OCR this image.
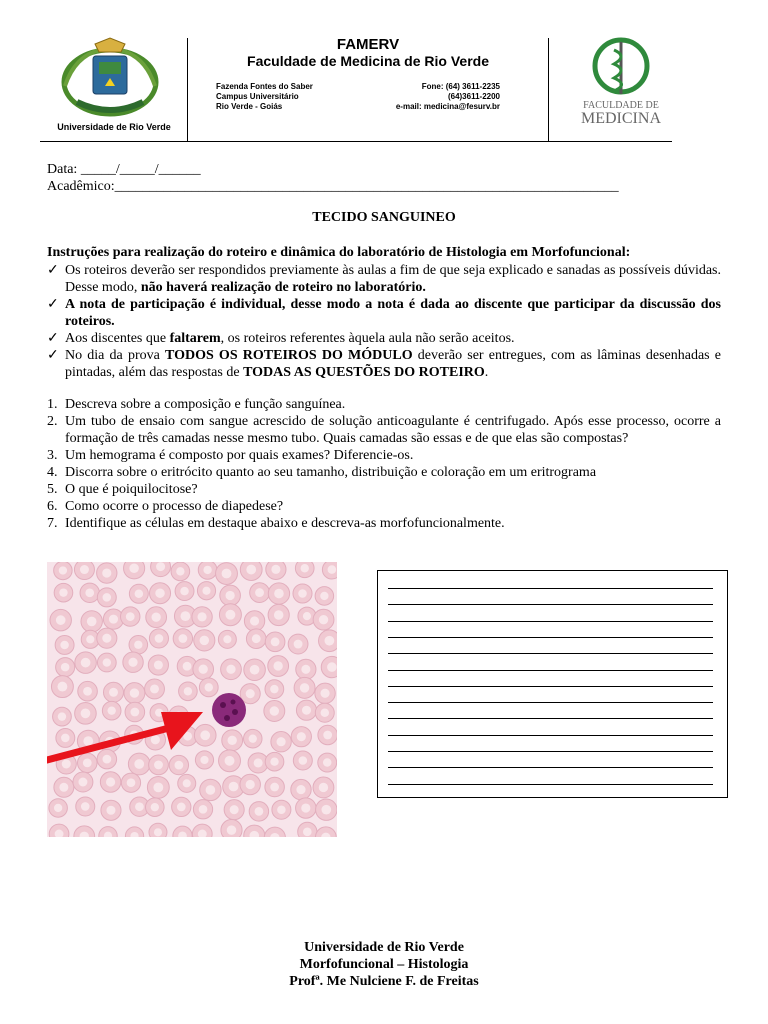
Universidade de Rio Verde
FAMERV
Faculdade de Medicina de Rio Verde
Fazenda Fontes do Saber
Campus Universitário
Rio Verde - Goiás
Fone: (64) 3611-2235
(64)3611-2200
e-mail: medicina@fesurv.br	FACULDADE DE
MEDICINA
Data: _____/_____/______
Acadêmico:________________________________________________________________________
TECIDO SANGUINEO
Instruções para realização do roteiro e dinâmica do laboratório de Histologia em Morfofuncional:
✓ Os roteiros deverão ser respondidos previamente às aulas a fim de que seja explicado e sanadas as possíveis dúvidas. Desse modo, não haverá realização de roteiro no laboratório.
✓ A nota de participação é individual, desse modo a nota é dada ao discente que participar da discussão dos roteiros.
✓ Aos discentes que faltarem, os roteiros referentes àquela aula não serão aceitos.
✓ No dia da prova TODOS OS ROTEIROS DO MÓDULO deverão ser entregues, com as lâminas desenhadas e pintadas, além das respostas de TODAS AS QUESTÕES DO ROTEIRO.
1. Descreva sobre a composição e função sanguínea.
2. Um tubo de ensaio com sangue acrescido de solução anticoagulante é centrifugado. Após esse processo, ocorre a formação de três camadas nesse mesmo tubo. Quais camadas são essas e de que elas são compostas?
3. Um hemograma é composto por quais exames? Diferencie-os.
4. Discorra sobre o eritrócito quanto ao seu tamanho, distribuição e coloração em um eritrograma
5. O que é poiquilocitose?
6. Como ocorre o processo de diapedese?
7. Identifique as células em destaque abaixo e descreva-as morfofuncionalmente.
Universidade de Rio Verde
Morfofuncional – Histologia
Profª. Me Nulciene F. de Freitas
